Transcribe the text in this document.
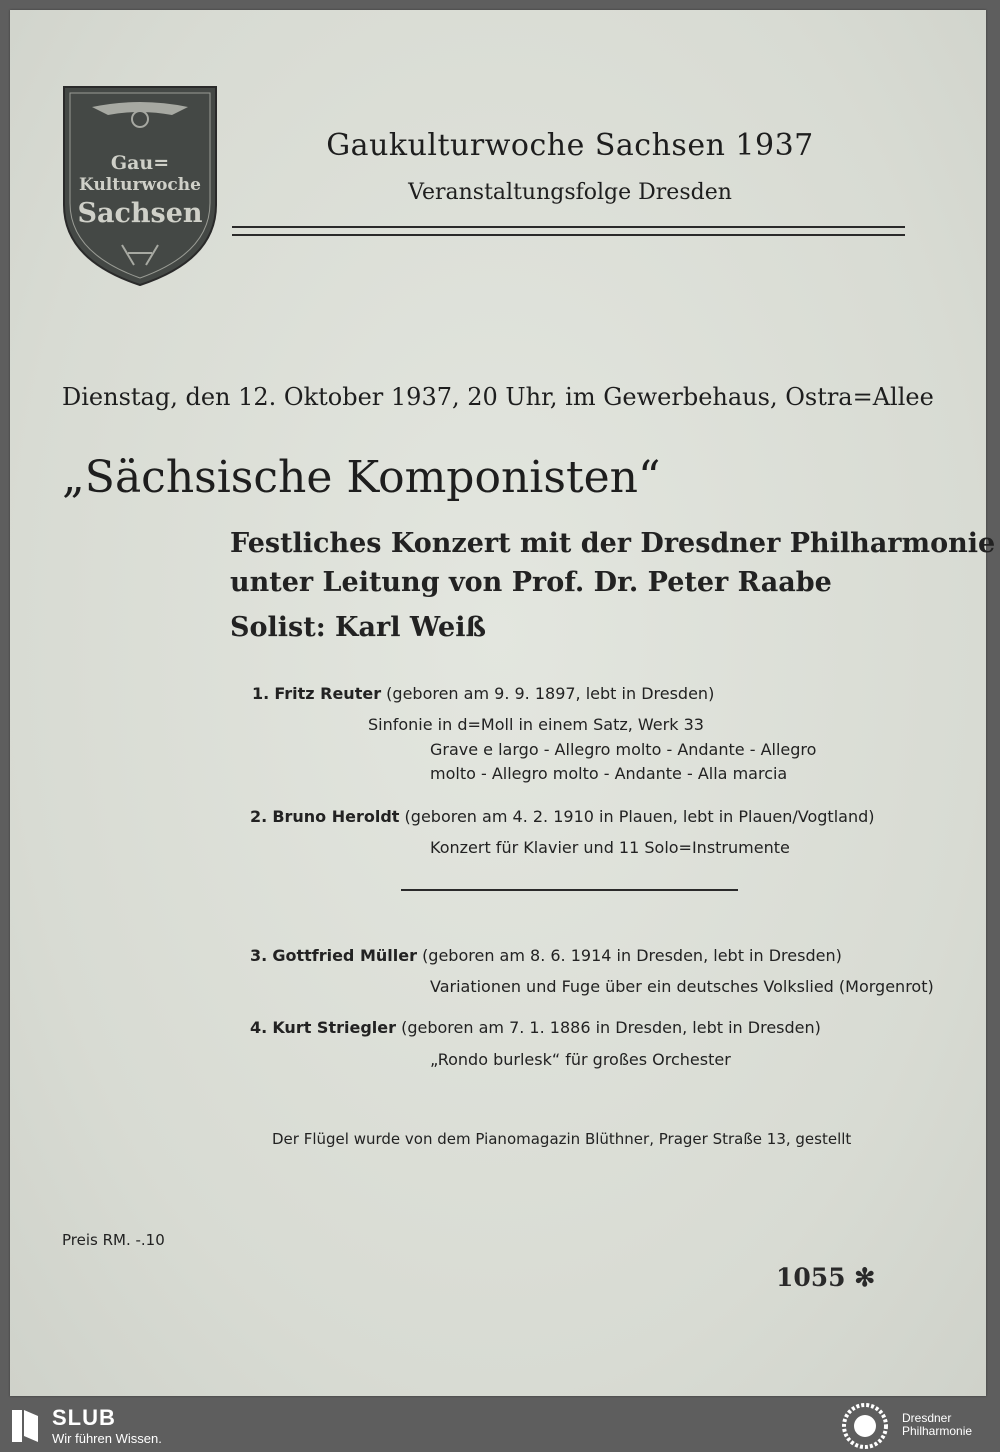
Gau=
Kulturwoche
Sachsen
Gaukulturwoche Sachsen 1937
Veranstaltungsfolge Dresden
Dienstag, den 12. Oktober 1937, 20 Uhr, im Gewerbehaus, Ostra=Allee
„Sächsische Komponisten“
Festliches Konzert mit der Dresdner Philharmonie
unter Leitung von Prof. Dr. Peter Raabe
Solist: Karl Weiß
1. Fritz Reuter (geboren am 9. 9. 1897, lebt in Dresden)
Sinfonie in d=Moll in einem Satz, Werk 33
Grave e largo - Allegro molto - Andante - Allegro
molto - Allegro molto - Andante - Alla marcia
2. Bruno Heroldt (geboren am 4. 2. 1910 in Plauen, lebt in Plauen/Vogtland)
Konzert für Klavier und 11 Solo=Instrumente
3. Gottfried Müller (geboren am 8. 6. 1914 in Dresden, lebt in Dresden)
Variationen und Fuge über ein deutsches Volkslied (Morgenrot)
4. Kurt Striegler (geboren am 7. 1. 1886 in Dresden, lebt in Dresden)
„Rondo burlesk“ für großes Orchester
Der Flügel wurde von dem Pianomagazin Blüthner, Prager Straße 13, gestellt
Preis RM. -.10
1055 ✻
SLUB
Wir führen Wissen.
Dresdner
Philharmonie
